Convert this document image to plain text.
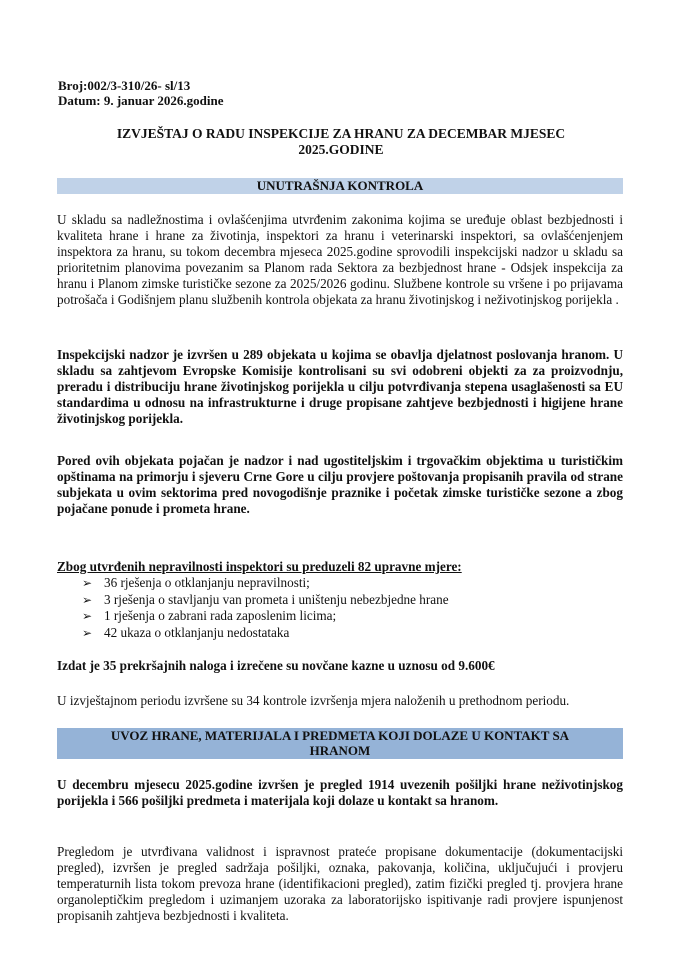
Broj:002/3-310/26- sl/13
Datum: 9. januar 2026.godine
IZVJEŠTAJ O RADU INSPEKCIJE ZA HRANU ZA DECEMBAR MJESEC
2025.GODINE
UNUTRAŠNJA KONTROLA
U skladu sa nadležnostima i ovlašćenjima utvrđenim zakonima kojima se uređuje oblast bezbjednosti i kvaliteta hrane i hrane za životinja, inspektori za hranu i veterinarski inspektori, sa ovlašćenjenjem inspektora za hranu, su tokom decembra mjeseca 2025.godine sprovodili inspekcijski nadzor u skladu sa prioritetnim planovima povezanim sa Planom rada Sektora za bezbjednost hrane - Odsjek inspekcija za hranu i Planom zimske turističke sezone za 2025/2026 godinu. Službene kontrole su vršene i po prijavama potrošača i Godišnjem planu službenih kontrola objekata za hranu životinjskog i neživotinjskog porijekla .
Inspekcijski nadzor je izvršen u 289 objekata u kojima se obavlja djelatnost poslovanja hranom. U skladu sa zahtjevom Evropske Komisije kontrolisani su svi odobreni objekti za za proizvodnju, preradu i distribuciju hrane životinjskog porijekla u cilju potvrđivanja stepena usaglašenosti sa EU standardima u odnosu na infrastrukturne i druge propisane zahtjeve bezbjednosti i higijene hrane životinjskog porijekla.
Pored ovih objekata pojačan je nadzor i nad ugostiteljskim i trgovačkim objektima u turističkim opštinama na primorju i sjeveru Crne Gore u cilju provjere poštovanja propisanih pravila od strane subjekata u ovim sektorima pred novogodišnje praznike i početak zimske turističke sezone a zbog pojačane ponude i prometa hrane.
Zbog utvrđenih nepravilnosti inspektori su preduzeli 82 upravne mjere:
➢ 36 rješenja o otklanjanju nepravilnosti;
➢ 3 rješenja o stavljanju van prometa i uništenju nebezbjedne hrane
➢ 1 rješenja o zabrani rada zaposlenim licima;
➢ 42 ukaza o otklanjanju nedostataka
Izdat je 35 prekršajnih naloga i izrečene su novčane kazne u uznosu od 9.600€
U izvještajnom periodu izvršene su 34 kontrole izvršenja mjera naloženih u prethodnom periodu.
UVOZ HRANE, MATERIJALA I PREDMETA KOJI DOLAZE U KONTAKT SA
HRANOM
U decembru mjesecu 2025.godine izvršen je pregled 1914 uvezenih pošiljki hrane neživotinjskog porijekla i 566 pošiljki predmeta i materijala koji dolaze u kontakt sa hranom.
Pregledom je utvrđivana validnost i ispravnost prateće propisane dokumentacije (dokumentacijski pregled), izvršen je pregled sadržaja pošiljki, oznaka, pakovanja, količina, uključujući i provjeru temperaturnih lista tokom prevoza hrane (identifikacioni pregled), zatim fizički pregled tj. provjera hrane organoleptičkim pregledom i uzimanjem uzoraka za laboratorijsko ispitivanje radi provjere ispunjenost propisanih zahtjeva bezbjednosti i kvaliteta.
